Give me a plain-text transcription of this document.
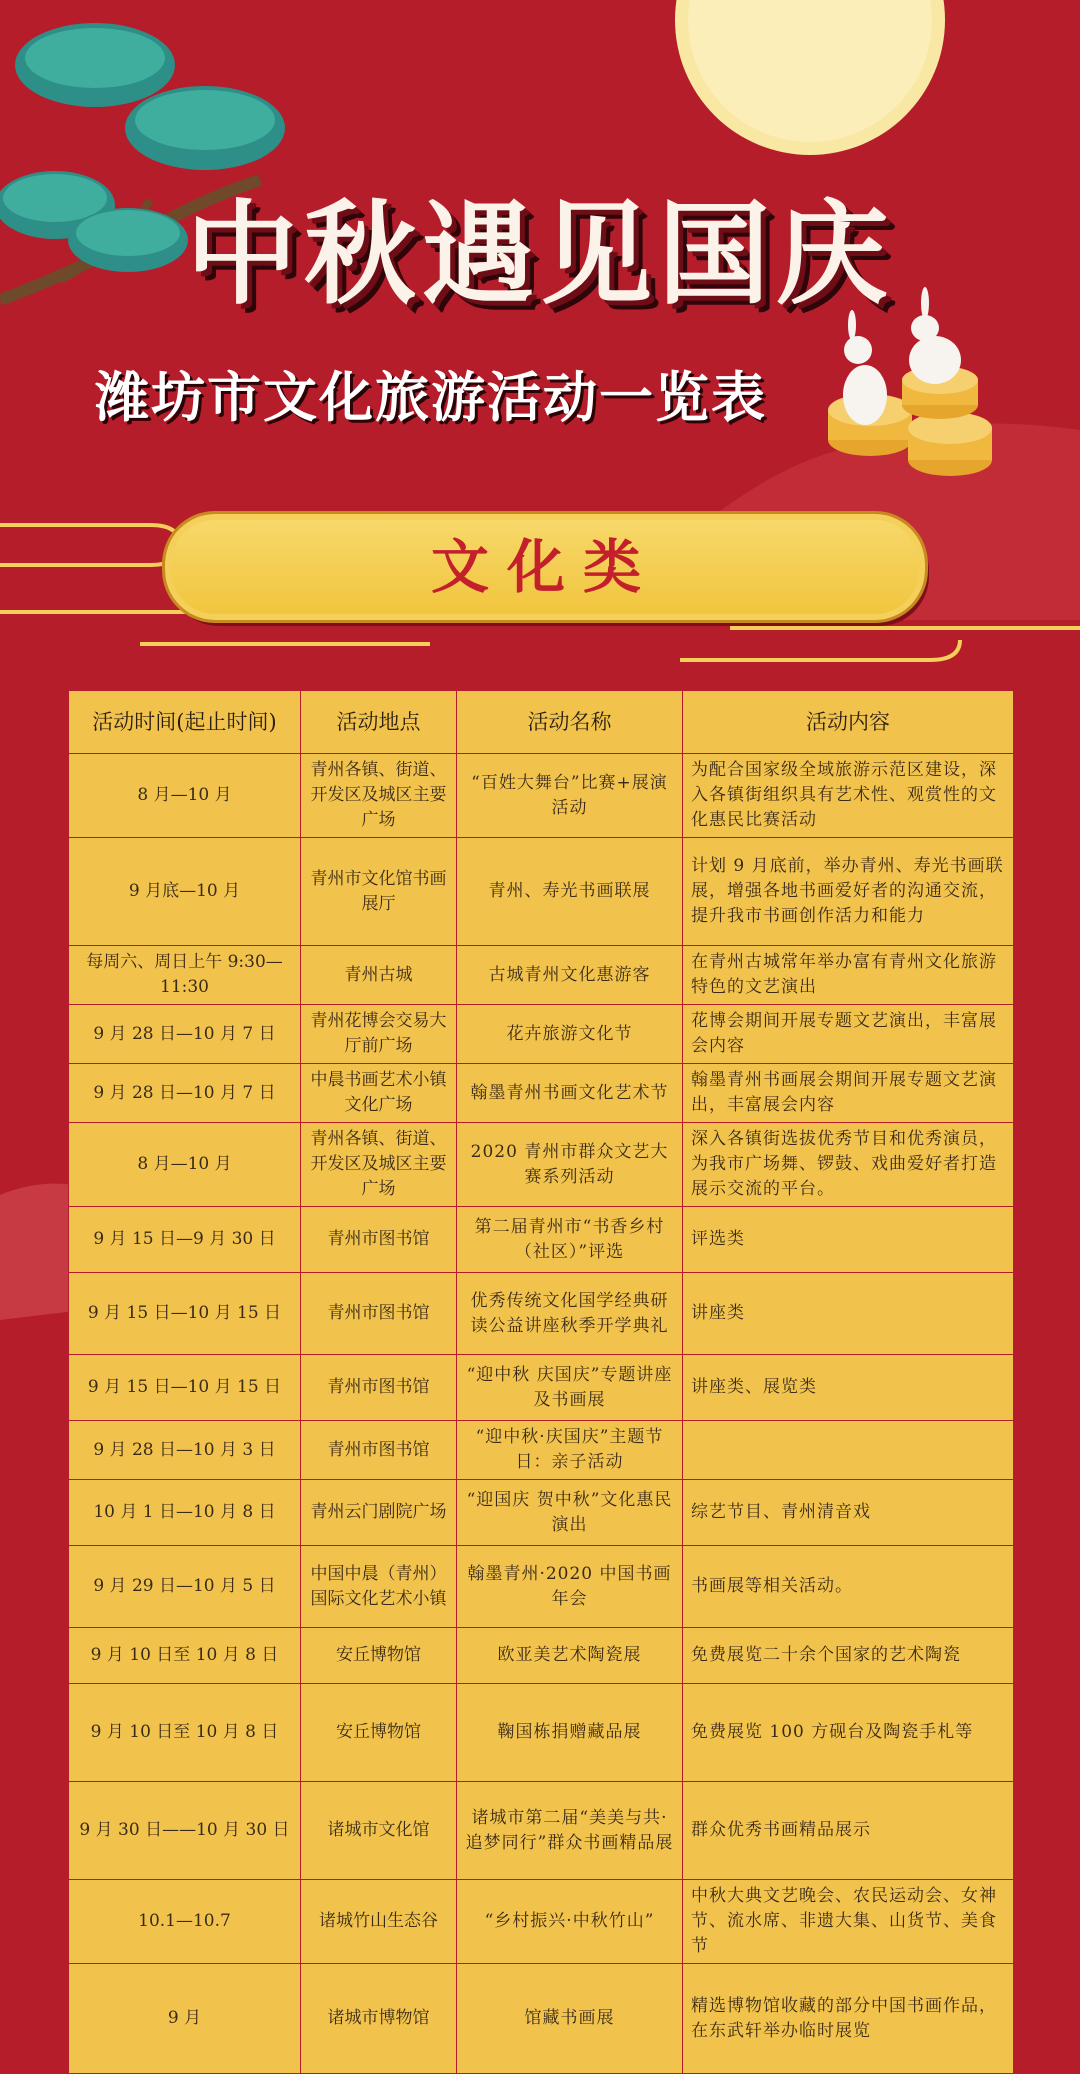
中秋遇见国庆
潍坊市文化旅游活动一览表
文化类
活动时间(起止时间)	活动地点	活动名称	活动内容
8 月—10 月	青州各镇、街道、开发区及城区主要广场	“百姓大舞台”比赛+展演活动	为配合国家级全域旅游示范区建设，深入各镇街组织具有艺术性、观赏性的文化惠民比赛活动
9 月底—10 月	青州市文化馆书画展厅	青州、寿光书画联展	计划 9 月底前，举办青州、寿光书画联展，增强各地书画爱好者的沟通交流，提升我市书画创作活力和能力
每周六、周日上午 9:30—11:30	青州古城	古城青州文化惠游客	在青州古城常年举办富有青州文化旅游特色的文艺演出
9 月 28 日—10 月 7 日	青州花博会交易大厅前广场	花卉旅游文化节	花博会期间开展专题文艺演出，丰富展会内容
9 月 28 日—10 月 7 日	中晨书画艺术小镇文化广场	翰墨青州书画文化艺术节	翰墨青州书画展会期间开展专题文艺演出，丰富展会内容
8 月—10 月	青州各镇、街道、开发区及城区主要广场	2020 青州市群众文艺大赛系列活动	深入各镇街选拔优秀节目和优秀演员，为我市广场舞、锣鼓、戏曲爱好者打造展示交流的平台。
9 月 15 日—9 月 30 日	青州市图书馆	第二届青州市“书香乡村（社区）”评选	评选类
9 月 15 日—10 月 15 日	青州市图书馆	优秀传统文化国学经典研读公益讲座秋季开学典礼	讲座类
9 月 15 日—10 月 15 日	青州市图书馆	“迎中秋 庆国庆”专题讲座及书画展	讲座类、展览类
9 月 28 日—10 月 3 日	青州市图书馆	“迎中秋·庆国庆”主题节日：亲子活动	
10 月 1 日—10 月 8 日	青州云门剧院广场	“迎国庆 贺中秋”文化惠民演出	综艺节目、青州清音戏
9 月 29 日—10 月 5 日	中国中晨（青州）国际文化艺术小镇	翰墨青州·2020 中国书画年会	书画展等相关活动。
9 月 10 日至 10 月 8 日	安丘博物馆	欧亚美艺术陶瓷展	免费展览二十余个国家的艺术陶瓷
9 月 10 日至 10 月 8 日	安丘博物馆	鞠国栋捐赠藏品展	免费展览 100 方砚台及陶瓷手札等
9 月 30 日——10 月 30 日	诸城市文化馆	诸城市第二届“美美与共·追梦同行”群众书画精品展	群众优秀书画精品展示
10.1—10.7	诸城竹山生态谷	“乡村振兴·中秋竹山”	中秋大典文艺晚会、农民运动会、女神节、流水席、非遗大集、山货节、美食节
9 月	诸城市博物馆	馆藏书画展	精选博物馆收藏的部分中国书画作品，在东武轩举办临时展览
